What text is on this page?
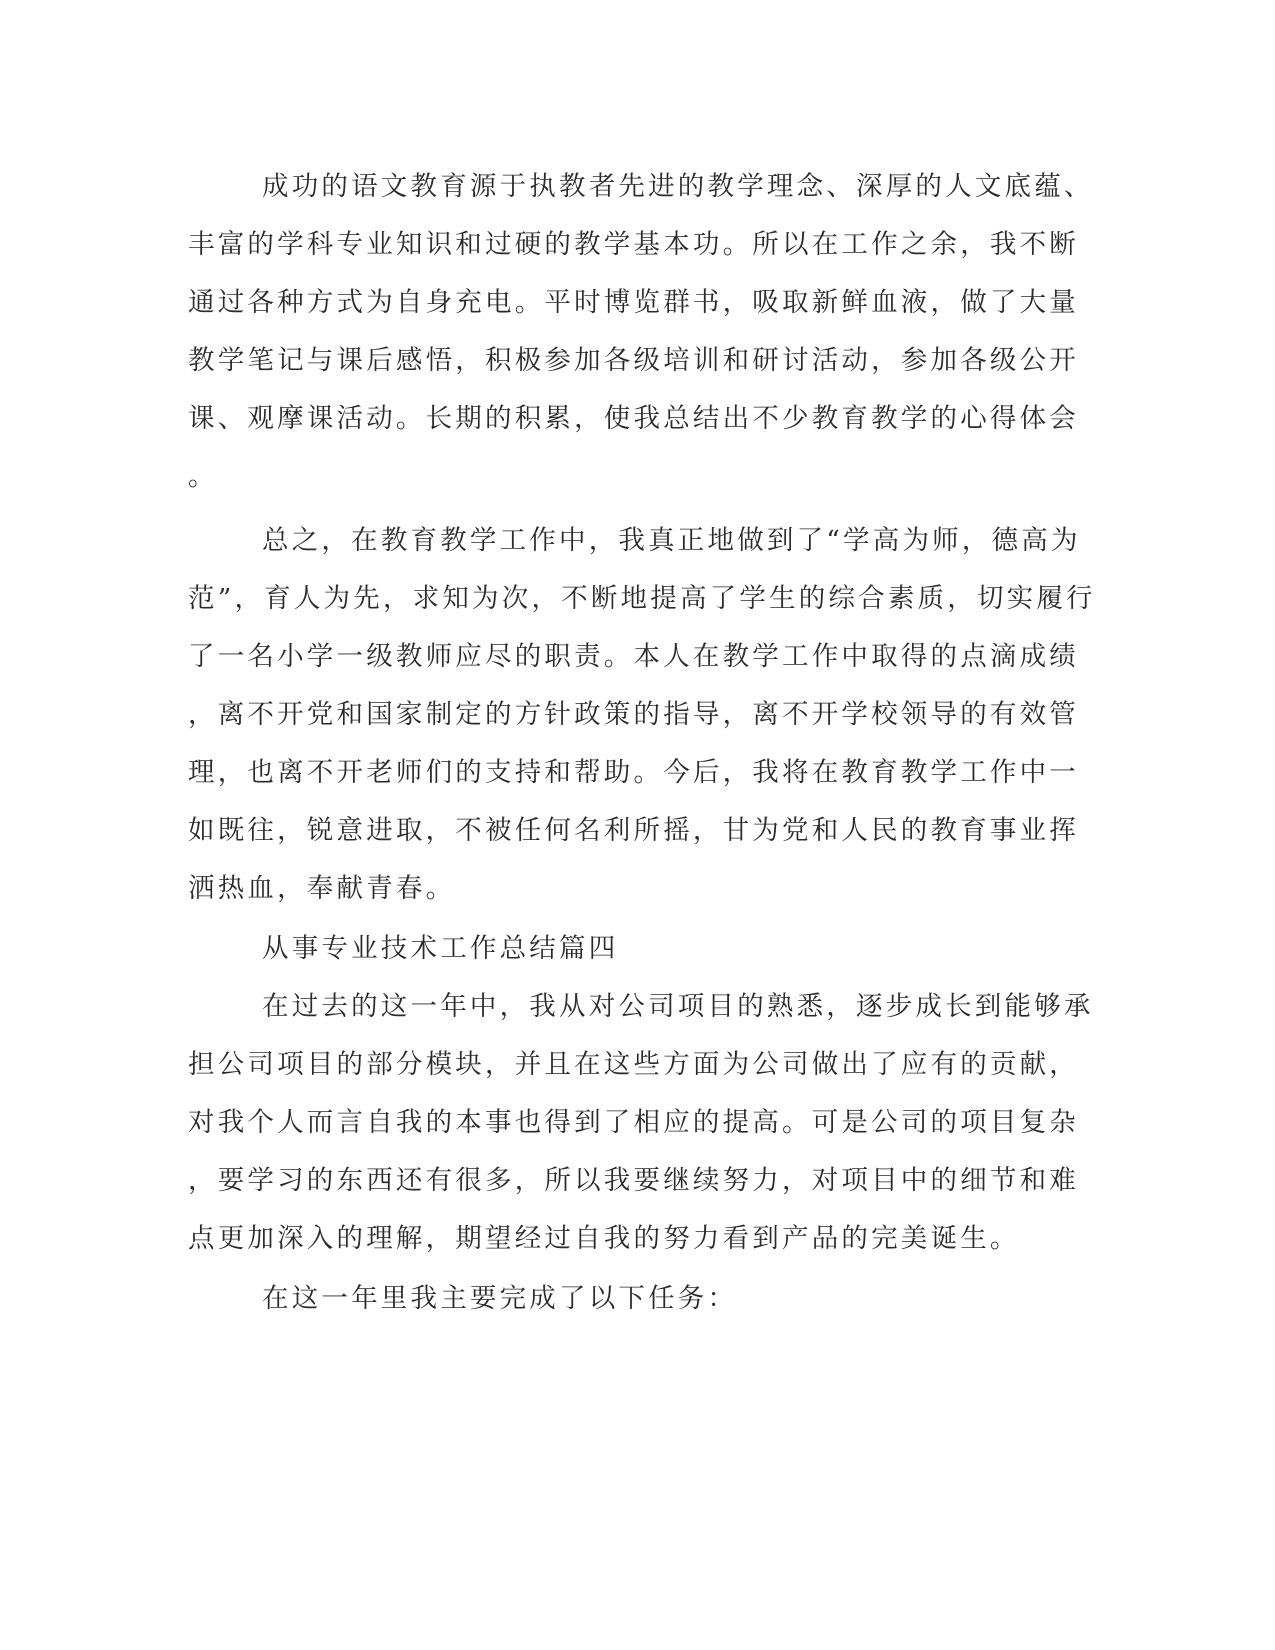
成功的语文教育源于执教者先进的教学理念、深厚的人文底蕴、

丰富的学科专业知识和过硬的教学基本功。所以在工作之余，我不断

通过各种方式为自身充电。平时博览群书，吸取新鲜血液，做了大量

教学笔记与课后感悟，积极参加各级培训和研讨活动，参加各级公开

课、观摩课活动。长期的积累，使我总结出不少教育教学的心得体会

。

总之，在教育教学工作中，我真正地做到了“学高为师，德高为

范”，育人为先，求知为次，不断地提高了学生的综合素质，切实履行

了一名小学一级教师应尽的职责。本人在教学工作中取得的点滴成绩

，离不开党和国家制定的方针政策的指导，离不开学校领导的有效管

理，也离不开老师们的支持和帮助。今后，我将在教育教学工作中一

如既往，锐意进取，不被任何名利所摇，甘为党和人民的教育事业挥

洒热血，奉献青春。

从事专业技术工作总结篇四

在过去的这一年中，我从对公司项目的熟悉，逐步成长到能够承

担公司项目的部分模块，并且在这些方面为公司做出了应有的贡献，

对我个人而言自我的本事也得到了相应的提高。可是公司的项目复杂

，要学习的东西还有很多，所以我要继续努力，对项目中的细节和难

点更加深入的理解，期望经过自我的努力看到产品的完美诞生。

在这一年里我主要完成了以下任务：
